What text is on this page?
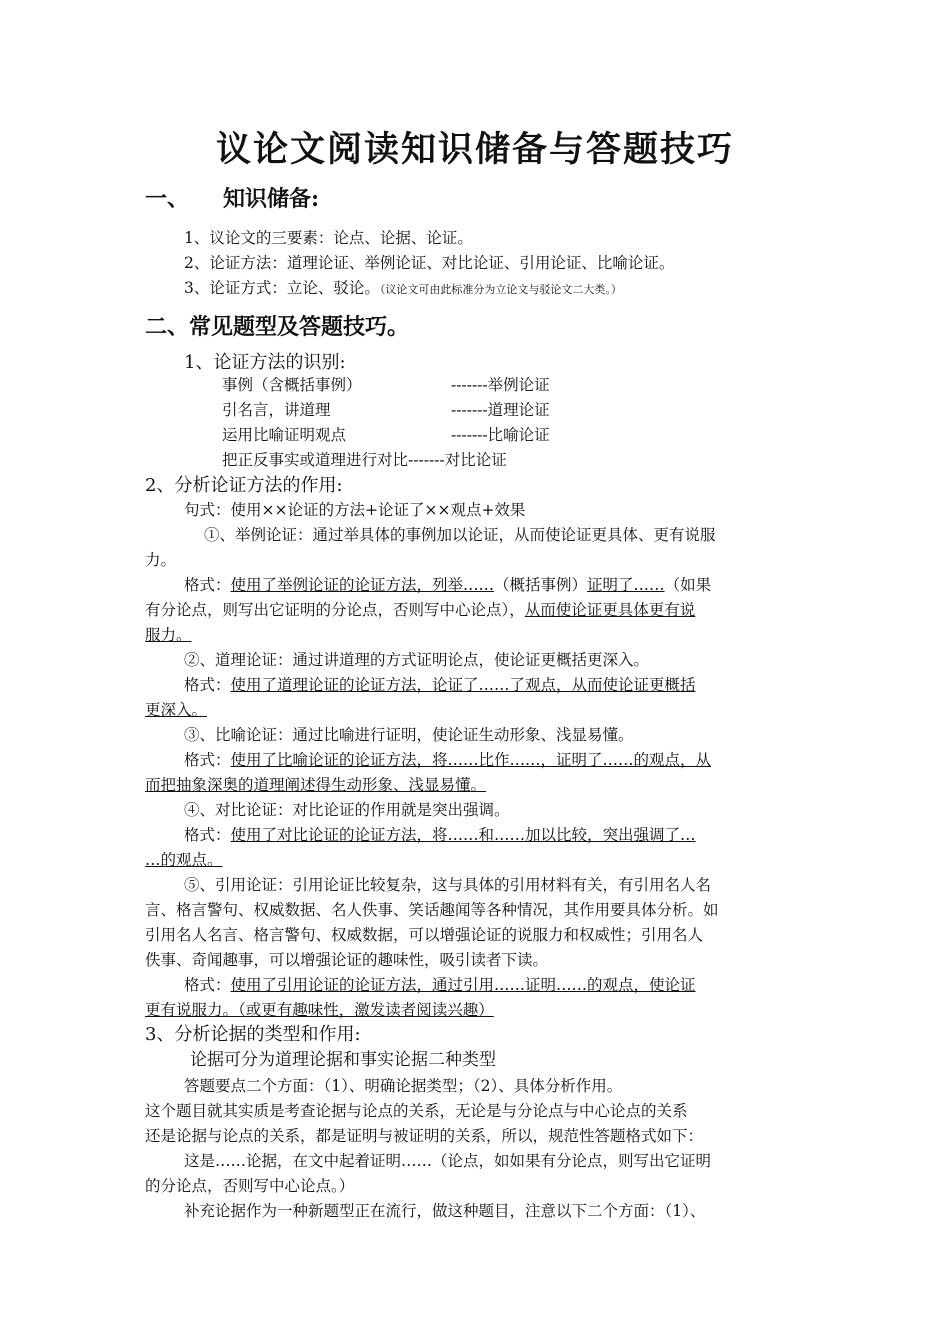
议论文阅读知识储备与答题技巧
一、 知识储备:
1、议论文的三要素：论点、论据、论证。
2、论证方法：道理论证、举例论证、对比论证、引用论证、比喻论证。
3、论证方式：立论、驳论。（议论文可由此标准分为立论文与驳论文二大类。）
二、常见题型及答题技巧。
1、论证方法的识别:
事例（含概括事例）	-------举例论证
引名言，讲道理	-------道理论证
运用比喻证明观点	-------比喻论证
把正反事实或道理进行对比-------对比论证
2、分析论证方法的作用:
句式：使用××论证的方法+论证了××观点+效果
①、举例论证：通过举具体的事例加以论证，从而使论证更具体、更有说服
力。
格式：使用了举例论证的论证方法，列举……（概括事例）证明了……（如果
有分论点，则写出它证明的分论点，否则写中心论点），从而使论证更具体更有说
服力。
②、道理论证：通过讲道理的方式证明论点，使论证更概括更深入。
格式：使用了道理论证的论证方法，论证了……了观点，从而使论证更概括
更深入。
③、比喻论证：通过比喻进行证明，使论证生动形象、浅显易懂。
格式：使用了比喻论证的论证方法，将……比作……，证明了……的观点，从
而把抽象深奥的道理阐述得生动形象、浅显易懂。
④、对比论证：对比论证的作用就是突出强调。
格式：使用了对比论证的论证方法，将……和……加以比较，突出强调了…
…的观点。
⑤、引用论证：引用论证比较复杂，这与具体的引用材料有关，有引用名人名
言、格言警句、权威数据、名人佚事、笑话趣闻等各种情况，其作用要具体分析。如
引用名人名言、格言警句、权威数据，可以增强论证的说服力和权威性；引用名人
佚事、奇闻趣事，可以增强论证的趣味性，吸引读者下读。
格式：使用了引用论证的论证方法，通过引用……证明……的观点，使论证
更有说服力。（或更有趣味性，激发读者阅读兴趣）
3、分析论据的类型和作用:
论据可分为道理论据和事实论据二种类型
答题要点二个方面：（1）、明确论据类型；（2）、具体分析作用。
这个题目就其实质是考查论据与论点的关系，无论是与分论点与中心论点的关系
还是论据与论点的关系，都是证明与被证明的关系，所以，规范性答题格式如下：
这是……论据，在文中起着证明……（论点，如如果有分论点，则写出它证明
的分论点，否则写中心论点。）
补充论据作为一种新题型正在流行，做这种题目，注意以下二个方面：（1）、
